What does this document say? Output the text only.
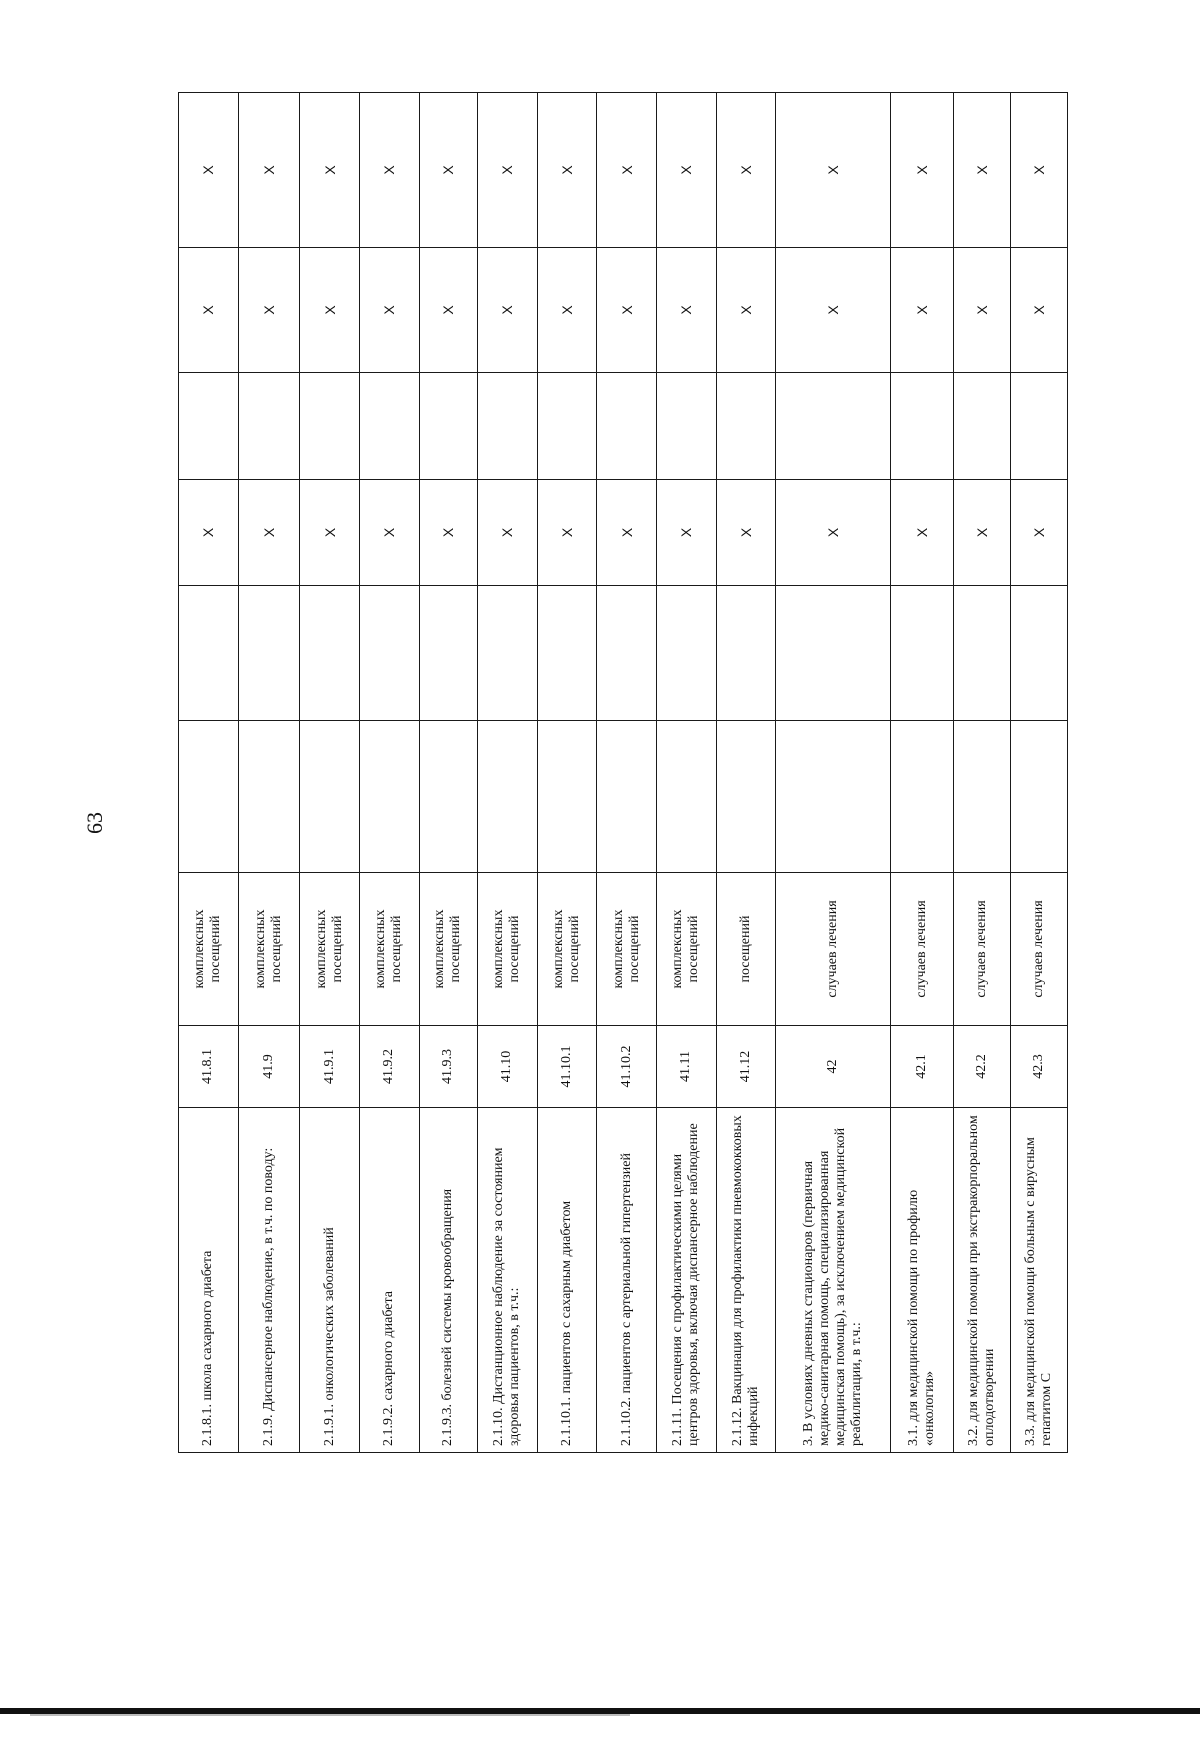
63
2.1.8.1. школа сахарного диабета	41.8.1	комплексных посещений			X		X	X
2.1.9. Диспансерное наблюдение, в т.ч. по поводу:	41.9	комплексных посещений			X		X	X
2.1.9.1. онкологических заболеваний	41.9.1	комплексных посещений			X		X	X
2.1.9.2. сахарного диабета	41.9.2	комплексных посещений			X		X	X
2.1.9.3. болезней системы кровообращения	41.9.3	комплексных посещений			X		X	X
2.1.10. Дистанционное наблюдение за состоянием здоровья пациентов, в т.ч.:	41.10	комплексных посещений			X		X	X
2.1.10.1. пациентов с сахарным диабетом	41.10.1	комплексных посещений			X		X	X
2.1.10.2. пациентов с артериальной гипертензией	41.10.2	комплексных посещений			X		X	X
2.1.11. Посещения с профилактическими целями центров здоровья, включая диспансерное наблюдение	41.11	комплексных посещений			X		X	X
2.1.12. Вакцинация для профилактики пневмококковых инфекций	41.12	посещений			X		X	X
3. В условиях дневных стационаров (первичная медико-санитарная помощь, специализированная медицинская помощь), за исключением медицинской реабилитации, в т.ч.:	42	случаев лечения			X		X	X
3.1. для медицинской помощи по профилю «онкология»	42.1	случаев лечения			X		X	X
3.2. для медицинской помощи при экстракорпоральном оплодотворении	42.2	случаев лечения			X		X	X
3.3. для медицинской помощи больным с вирусным гепатитом С	42.3	случаев лечения			X		X	X
